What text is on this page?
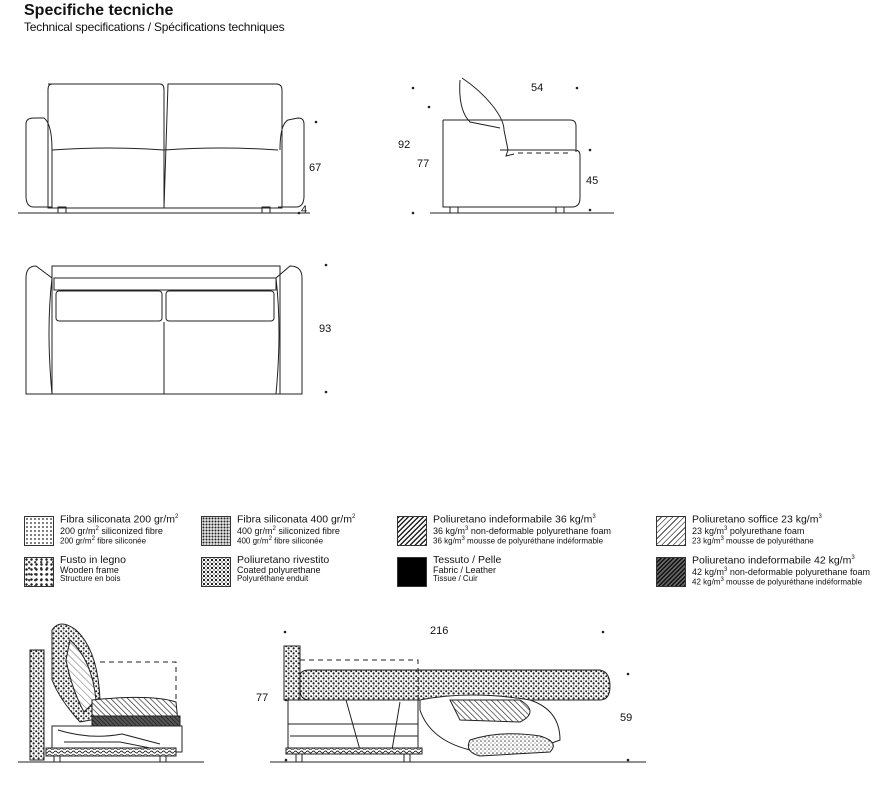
Specifiche tecniche
Technical specifications / Spécifications techniques
67
4
54
92
77
45
93
216
77
59
Fibra siliconata 200 $gr/m^2$
200 $gr/m^2$ siliconized fibre
200 $gr/m^2$ fibre siliconée
Fibra siliconata 400 $gr/m^2$
400 $gr/m^2$ siliconized fibre
400 $gr/m^2$ fibre siliconée
Poliuretano indeformabile 36 $kg/m^3$
36 $kg/m^3$ non-deformable polyurethane foam
36 $kg/m^3$ mousse de polyuréthane indéformable
Poliuretano soffice 23 $kg/m^3$
23 $kg/m^3$ polyurethane foam
23 $kg/m^3$ mousse de polyuréthane
Fusto in legno
Wooden frame
Structure en bois
Poliuretano rivestito
Coated polyurethane
Polyuréthane enduit
Tessuto / Pelle
Fabric / Leather
Tissue / Cuir
Poliuretano indeformabile 42 $kg/m^3$
42 $kg/m^3$ non-deformable polyurethane foam
42 $kg/m^3$ mousse de polyuréthane indéformable
